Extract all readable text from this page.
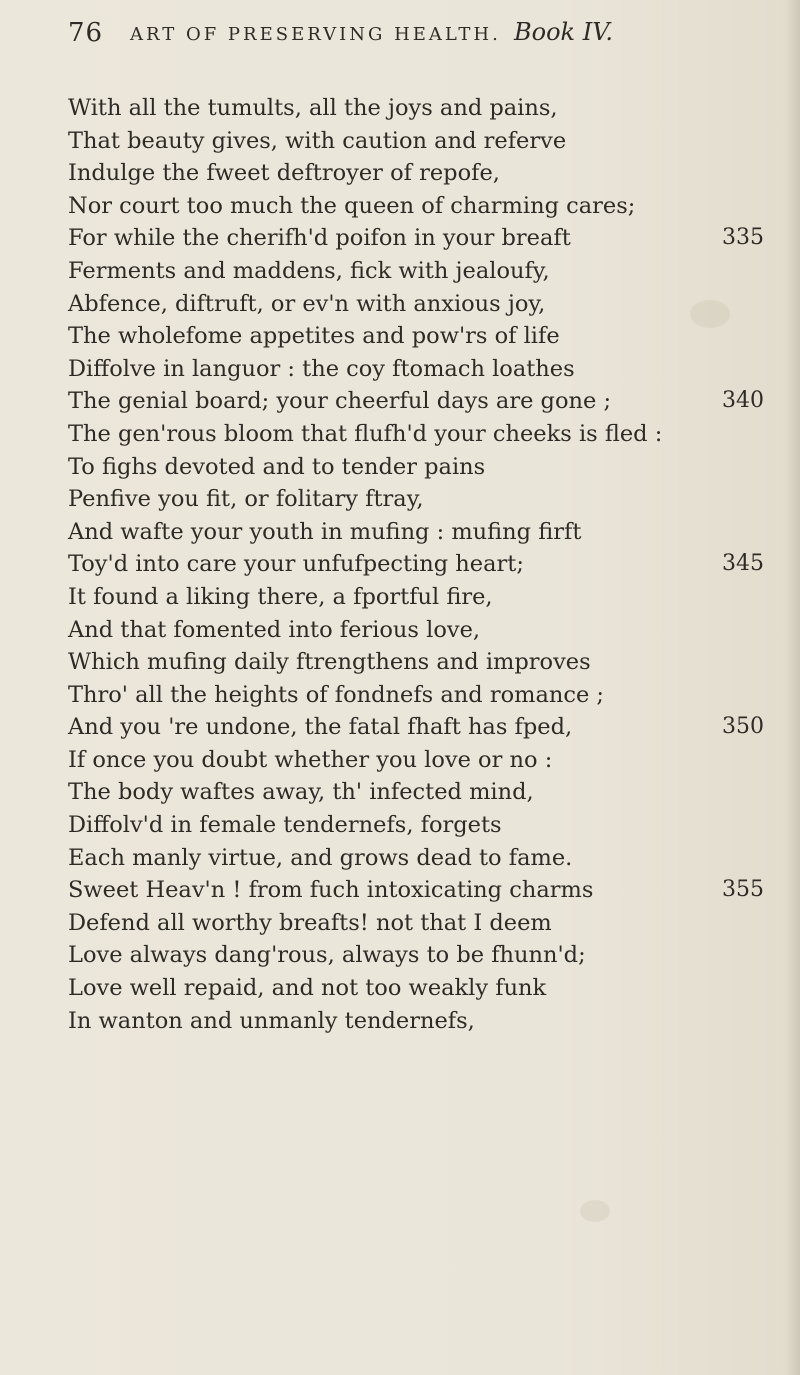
76 ART OF PRESERVING HEALTH. Book IV.
With all the tumults, all the joys and pains,
That beauty gives, with caution and referve
Indulge the fweet deftroyer of repofe,
Nor court too much the queen of charming cares;
For while the cherifh'd poifon in your breaft	335
Ferments and maddens, fick with jealoufy,
Abfence, diftruft, or ev'n with anxious joy,
The wholefome appetites and pow'rs of life
Diffolve in languor : the coy ftomach loathes
The genial board; your cheerful days are gone ;	340
The gen'rous bloom that flufh'd your cheeks is fled :
To fighs devoted and to tender pains
Penfive you fit, or folitary ftray,
And wafte your youth in mufing : mufing firft
Toy'd into care your unfufpecting heart;	345
It found a liking there, a fportful fire,
And that fomented into ferious love,
Which mufing daily ftrengthens and improves
Thro' all the heights of fondnefs and romance ;
And you 're undone, the fatal fhaft has fped,	350
If once you doubt whether you love or no :
The body waftes away, th' infected mind,
Diffolv'd in female tendernefs, forgets
Each manly virtue, and grows dead to fame.
Sweet Heav'n ! from fuch intoxicating charms	355
Defend all worthy breafts! not that I deem
Love always dang'rous, always to be fhunn'd;
Love well repaid, and not too weakly funk
In wanton and unmanly tendernefs,
